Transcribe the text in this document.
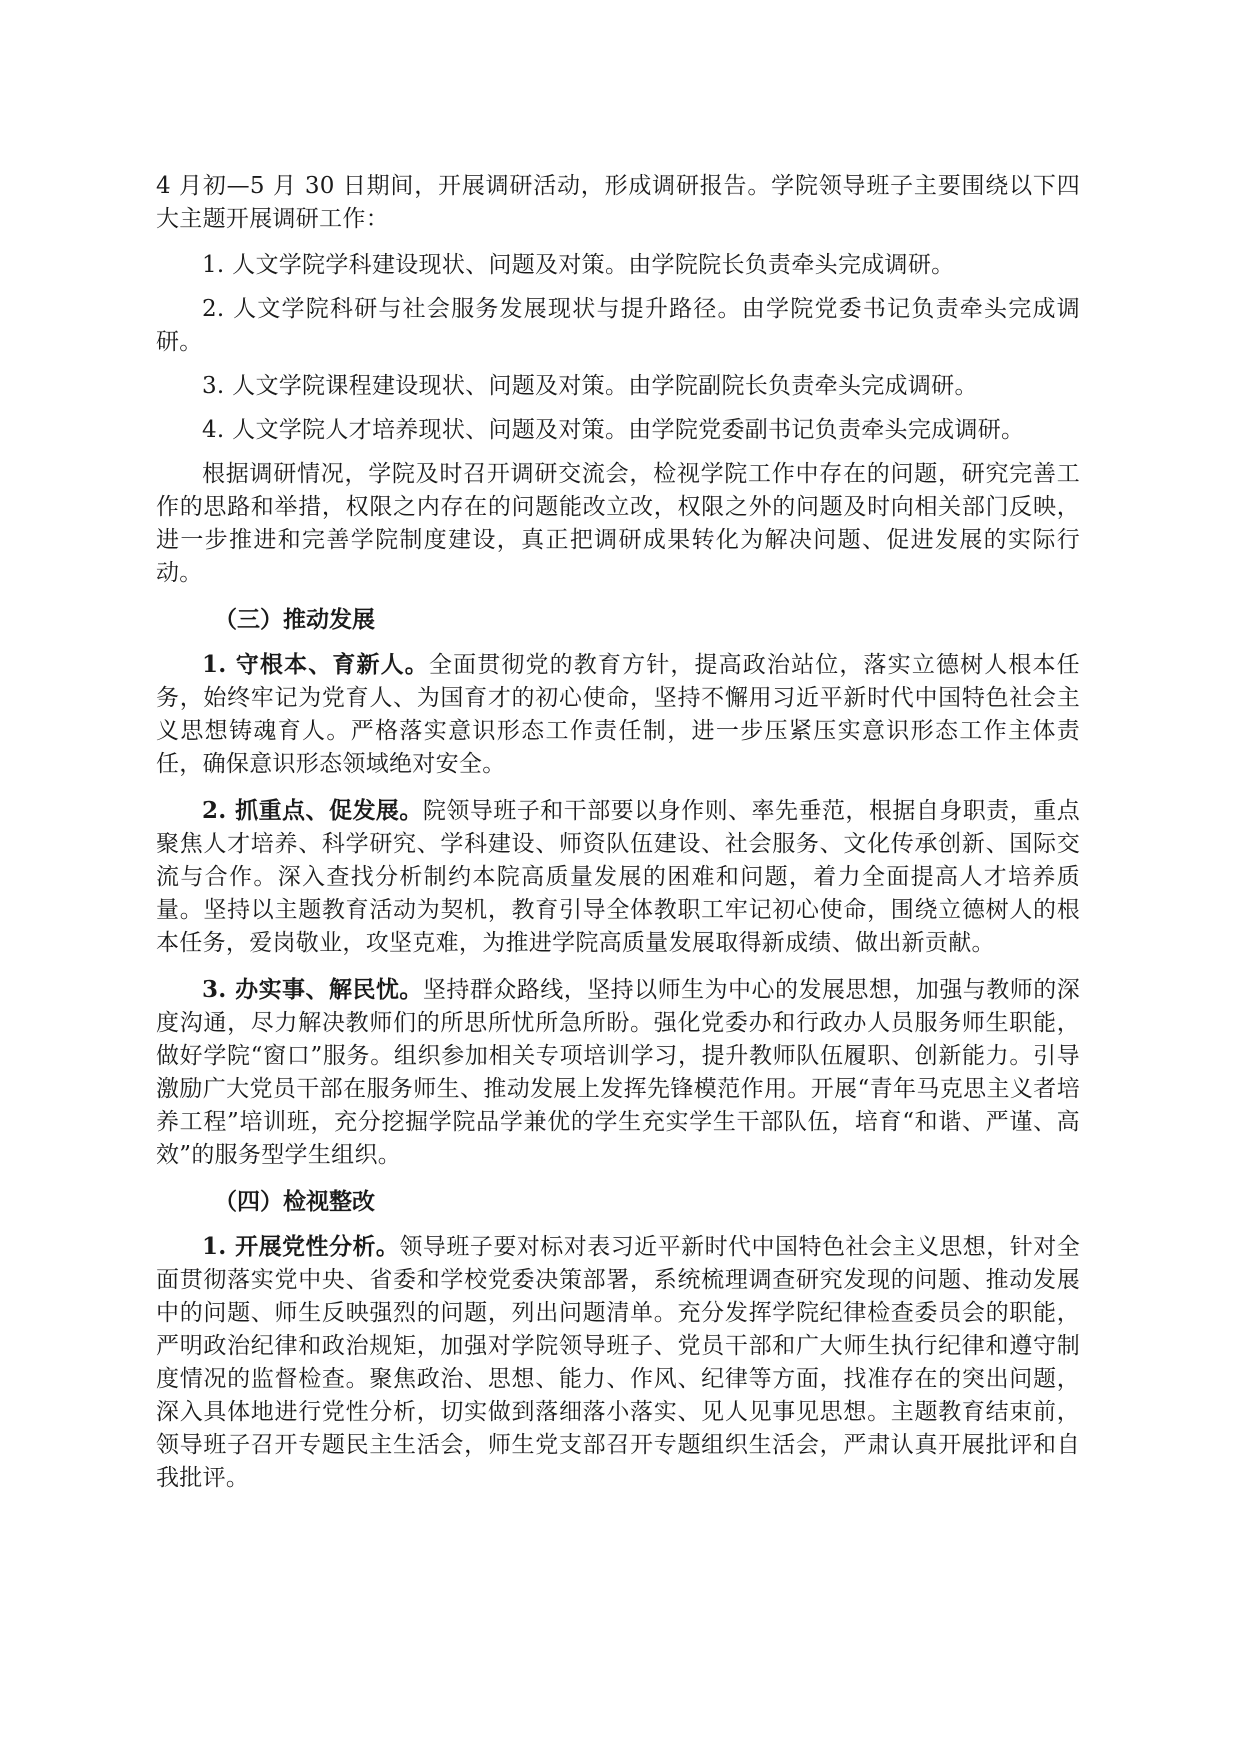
4 月初—5 月 30 日期间，开展调研活动，形成调研报告。学院领导班子主要围绕以下四大主题开展调研工作：

1. 人文学院学科建设现状、问题及对策。由学院院长负责牵头完成调研。

2. 人文学院科研与社会服务发展现状与提升路径。由学院党委书记负责牵头完成调研。

3. 人文学院课程建设现状、问题及对策。由学院副院长负责牵头完成调研。

4. 人文学院人才培养现状、问题及对策。由学院党委副书记负责牵头完成调研。

根据调研情况，学院及时召开调研交流会，检视学院工作中存在的问题，研究完善工作的思路和举措，权限之内存在的问题能改立改，权限之外的问题及时向相关部门反映，进一步推进和完善学院制度建设，真正把调研成果转化为解决问题、促进发展的实际行动。

（三）推动发展

1. 守根本、育新人。全面贯彻党的教育方针，提高政治站位，落实立德树人根本任务，始终牢记为党育人、为国育才的初心使命，坚持不懈用习近平新时代中国特色社会主义思想铸魂育人。严格落实意识形态工作责任制，进一步压紧压实意识形态工作主体责任，确保意识形态领域绝对安全。

2. 抓重点、促发展。院领导班子和干部要以身作则、率先垂范，根据自身职责，重点聚焦人才培养、科学研究、学科建设、师资队伍建设、社会服务、文化传承创新、国际交流与合作。深入查找分析制约本院高质量发展的困难和问题，着力全面提高人才培养质量。坚持以主题教育活动为契机，教育引导全体教职工牢记初心使命，围绕立德树人的根本任务，爱岗敬业，攻坚克难，为推进学院高质量发展取得新成绩、做出新贡献。

3. 办实事、解民忧。坚持群众路线，坚持以师生为中心的发展思想，加强与教师的深度沟通，尽力解决教师们的所思所忧所急所盼。强化党委办和行政办人员服务师生职能，做好学院“窗口”服务。组织参加相关专项培训学习，提升教师队伍履职、创新能力。引导激励广大党员干部在服务师生、推动发展上发挥先锋模范作用。开展“青年马克思主义者培养工程”培训班，充分挖掘学院品学兼优的学生充实学生干部队伍，培育“和谐、严谨、高效”的服务型学生组织。

（四）检视整改

1. 开展党性分析。领导班子要对标对表习近平新时代中国特色社会主义思想，针对全面贯彻落实党中央、省委和学校党委决策部署，系统梳理调查研究发现的问题、推动发展中的问题、师生反映强烈的问题，列出问题清单。充分发挥学院纪律检查委员会的职能，严明政治纪律和政治规矩，加强对学院领导班子、党员干部和广大师生执行纪律和遵守制度情况的监督检查。聚焦政治、思想、能力、作风、纪律等方面，找准存在的突出问题，深入具体地进行党性分析，切实做到落细落小落实、见人见事见思想。主题教育结束前，领导班子召开专题民主生活会，师生党支部召开专题组织生活会，严肃认真开展批评和自我批评。
